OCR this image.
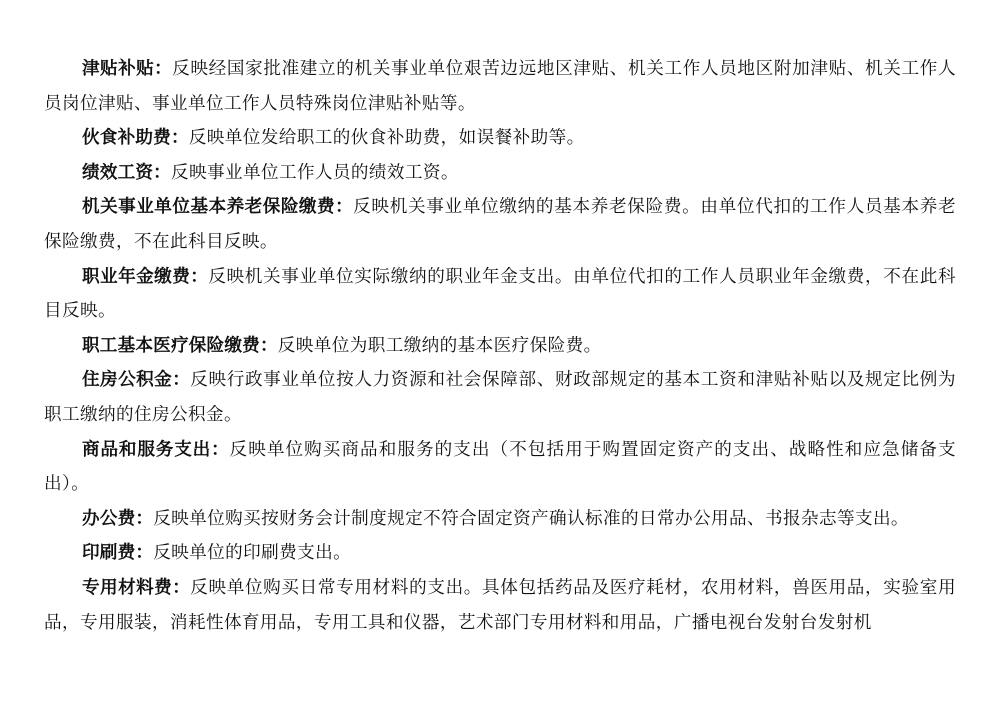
津贴补贴：反映经国家批准建立的机关事业单位艰苦边远地区津贴、机关工作人员地区附加津贴、机关工作人员岗位津贴、事业单位工作人员特殊岗位津贴补贴等。

伙食补助费：反映单位发给职工的伙食补助费，如误餐补助等。

绩效工资：反映事业单位工作人员的绩效工资。

机关事业单位基本养老保险缴费：反映机关事业单位缴纳的基本养老保险费。由单位代扣的工作人员基本养老保险缴费，不在此科目反映。

职业年金缴费：反映机关事业单位实际缴纳的职业年金支出。由单位代扣的工作人员职业年金缴费，不在此科目反映。

职工基本医疗保险缴费：反映单位为职工缴纳的基本医疗保险费。

住房公积金：反映行政事业单位按人力资源和社会保障部、财政部规定的基本工资和津贴补贴以及规定比例为职工缴纳的住房公积金。

商品和服务支出：反映单位购买商品和服务的支出（不包括用于购置固定资产的支出、战略性和应急储备支出）。

办公费：反映单位购买按财务会计制度规定不符合固定资产确认标准的日常办公用品、书报杂志等支出。

印刷费：反映单位的印刷费支出。

专用材料费：反映单位购买日常专用材料的支出。具体包括药品及医疗耗材，农用材料，兽医用品，实验室用品，专用服装，消耗性体育用品，专用工具和仪器，艺术部门专用材料和用品，广播电视台发射台发射机
